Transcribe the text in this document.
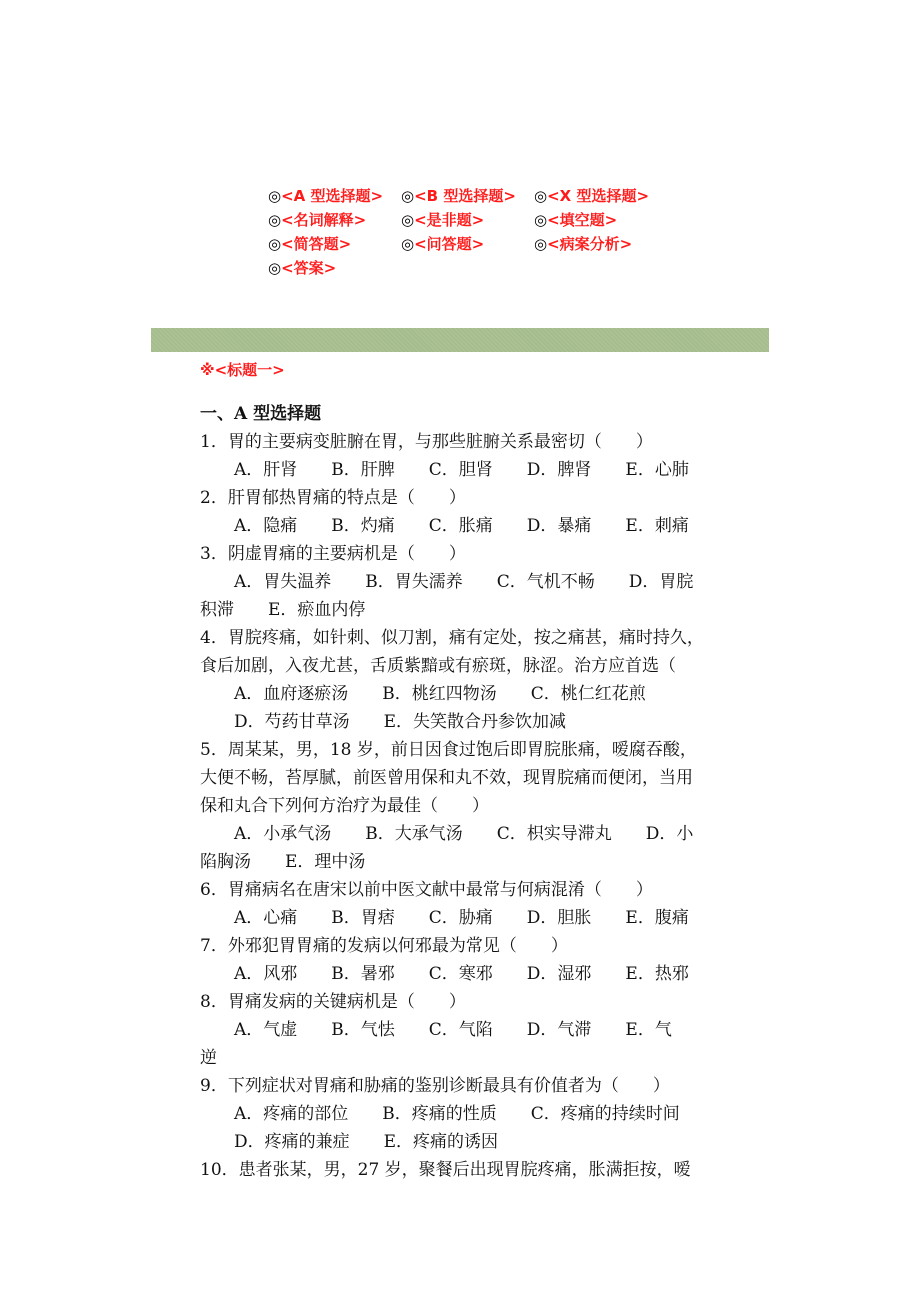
◎<A 型选择题>	◎<B 型选择题>	◎<X 型选择题>
◎<名词解释>	◎<是非题>	◎<填空题>
◎<简答题>	◎<问答题>	◎<病案分析>
◎<答案>
※<标题一>
一、A 型选择题
1．胃的主要病变脏腑在胃，与那些脏腑关系最密切（　　）
A．肝肾　　B．肝脾　　C．胆肾　　D．脾肾　　E．心肺
2．肝胃郁热胃痛的特点是（　　）
A．隐痛　　B．灼痛　　C．胀痛　　D．暴痛　　E．刺痛
3．阴虚胃痛的主要病机是（　　）
A．胃失温养　　B．胃失濡养　　C．气机不畅　　D．胃脘
积滞　　E．瘀血内停
4．胃脘疼痛，如针刺、似刀割，痛有定处，按之痛甚，痛时持久，
食后加剧，入夜尤甚，舌质紫黯或有瘀斑，脉涩。治方应首选（
A．血府逐瘀汤　　B．桃红四物汤　　C．桃仁红花煎
D．芍药甘草汤　　E．失笑散合丹参饮加减
5．周某某，男，18 岁，前日因食过饱后即胃脘胀痛，嗳腐吞酸，
大便不畅，苔厚腻，前医曾用保和丸不效，现胃脘痛而便闭，当用
保和丸合下列何方治疗为最佳（　　）
A．小承气汤　　B．大承气汤　　C．枳实导滞丸　　D．小
陷胸汤　　E．理中汤
6．胃痛病名在唐宋以前中医文献中最常与何病混淆（　　）
A．心痛　　B．胃痞　　C．胁痛　　D．胆胀　　E．腹痛
7．外邪犯胃胃痛的发病以何邪最为常见（　　）
A．风邪　　B．暑邪　　C．寒邪　　D．湿邪　　E．热邪
8．胃痛发病的关键病机是（　　）
A．气虚　　B．气怯　　C．气陷　　D．气滞　　E．气
逆
9．下列症状对胃痛和胁痛的鉴别诊断最具有价值者为（　　）
A．疼痛的部位　　B．疼痛的性质　　C．疼痛的持续时间
D．疼痛的兼症　　E．疼痛的诱因
10．患者张某，男，27 岁，聚餐后出现胃脘疼痛，胀满拒按，嗳
